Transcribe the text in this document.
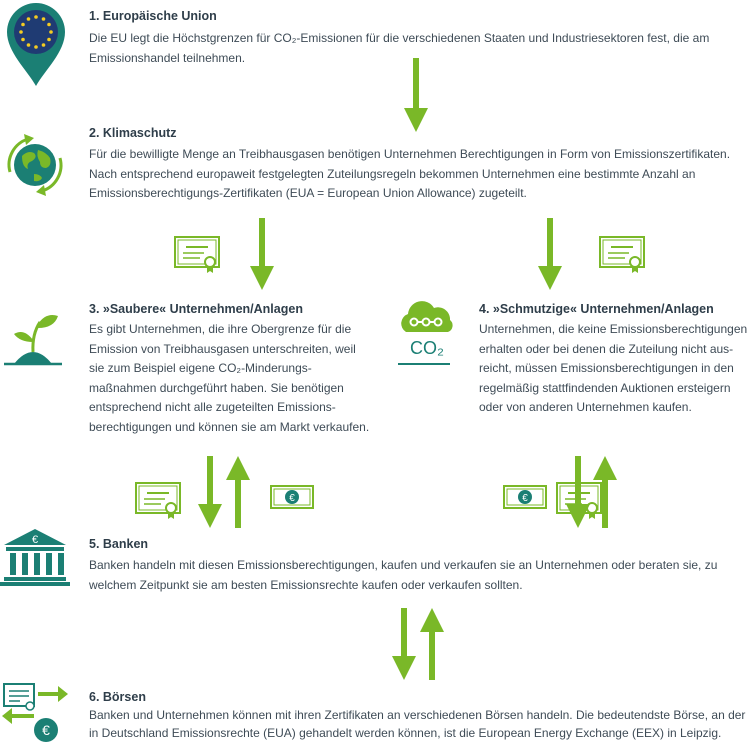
CO₂
€
€
€	€
1. Europäische Union
Die EU legt die Höchstgrenzen für CO₂-Emissionen für die verschiedenen Staaten und Industriesektoren fest, die am Emissionshandel teilnehmen.
2. Klimaschutz
Für die bewilligte Menge an Treibhausgasen benötigen Unternehmen Berechtigungen in Form von Emissionszertifikaten. Nach entsprechend europaweit festgelegten Zuteilungsregeln bekommen Unternehmen eine bestimmte Anzahl an Emissionsberechtigungs-Zertifikaten (EUA = European Union Allowance) zugeteilt.
3. »Saubere« Unternehmen/Anlagen
Es gibt Unternehmen, die ihre Obergrenze für die Emission von Treibhausgasen unterschreiten, weil sie zum Beispiel eigene CO₂-Minderungs-maßnahmen durchgeführt haben. Sie benötigen entsprechend nicht alle zugeteilten Emissions-berechtigungen und können sie am Markt verkaufen.
4. »Schmutzige« Unternehmen/Anlagen
Unternehmen, die keine Emissionsberechtigungen erhalten oder bei denen die Zuteilung nicht aus-reicht, müssen Emissionsberechtigungen in den regelmäßig stattfindenden Auktionen ersteigern oder von anderen Unternehmen kaufen.
5. Banken
Banken handeln mit diesen Emissionsberechtigungen, kaufen und verkaufen sie an Unternehmen oder beraten sie, zu welchem Zeitpunkt sie am besten Emissionsrechte kaufen oder verkaufen sollten.
6. Börsen
Banken und Unternehmen können mit ihren Zertifikaten an verschiedenen Börsen handeln. Die bedeutendste Börse, an der in Deutschland Emissionsrechte (EUA) gehandelt werden können, ist die European Energy Exchange (EEX) in Leipzig.
